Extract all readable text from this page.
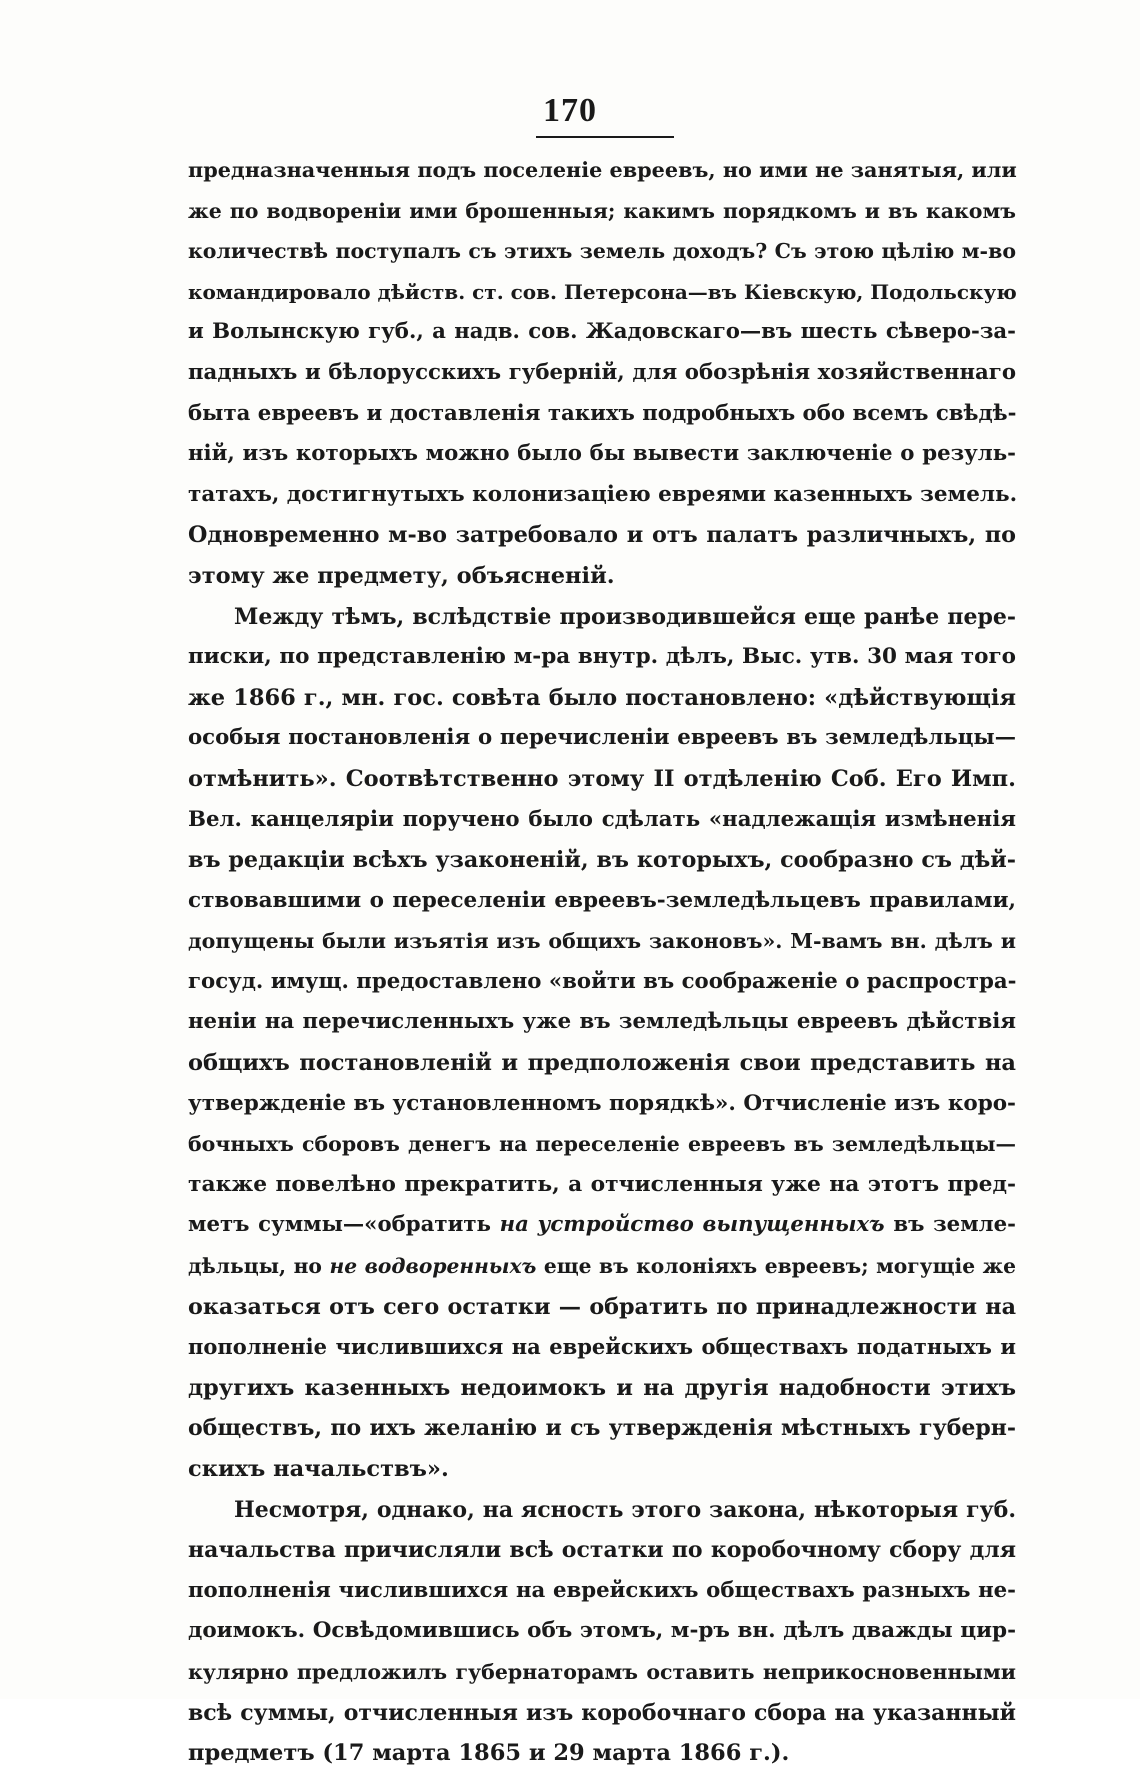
170
предназначенныя подъ поселеніе евреевъ, но ими не занятыя, или
же по водвореніи ими брошенныя; какимъ порядкомъ и въ какомъ
количествѣ поступалъ съ этихъ земель доходъ? Съ этою цѣлію м-во
командировало дѣйств. ст. сов. Петерсона—въ Кіевскую, Подольскую
и Волынскую губ., а надв. сов. Жадовскаго—въ шесть сѣверо-за-
падныхъ и бѣлорусскихъ губерній, для обозрѣнія хозяйственнаго
быта евреевъ и доставленія такихъ подробныхъ обо всемъ свѣдѣ-
ній, изъ которыхъ можно было бы вывести заключеніе о резуль-
татахъ, достигнутыхъ колонизаціею евреями казенныхъ земель.
Одновременно м-во затребовало и отъ палатъ различныхъ, по
этому же предмету, объясненій.
Между тѣмъ, вслѣдствіе производившейся еще ранѣе пере-
писки, по представленію м-ра внутр. дѣлъ, Выс. утв. 30 мая того
же 1866 г., мн. гос. совѣта было постановлено: «дѣйствующія
особыя постановленія о перечисленіи евреевъ въ земледѣльцы—
отмѣнить». Соотвѣтственно этому II отдѣленію Соб. Его Имп.
Вел. канцеляріи поручено было сдѣлать «надлежащія измѣненія
въ редакціи всѣхъ узаконеній, въ которыхъ, сообразно съ дѣй-
ствовавшими о переселеніи евреевъ-земледѣльцевъ правилами,
допущены были изъятія изъ общихъ законовъ». М-вамъ вн. дѣлъ и
госуд. имущ. предоставлено «войти въ соображеніе о распростра-
неніи на перечисленныхъ уже въ земледѣльцы евреевъ дѣйствія
общихъ постановленій и предположенія свои представить на
утвержденіе въ установленномъ порядкѣ». Отчисленіе изъ коро-
бочныхъ сборовъ денегъ на переселеніе евреевъ въ земледѣльцы—
также повелѣно прекратить, а отчисленныя уже на этотъ пред-
метъ суммы—«обратить на устройство выпущенныхъ въ земле-
дѣльцы, но не водворенныхъ еще въ колоніяхъ евреевъ; могущіе же
оказаться отъ сего остатки — обратить по принадлежности на
пополненіе числившихся на еврейскихъ обществахъ податныхъ и
другихъ казенныхъ недоимокъ и на другія надобности этихъ
обществъ, по ихъ желанію и съ утвержденія мѣстныхъ губерн-
скихъ начальствъ».
Несмотря, однако, на ясность этого закона, нѣкоторыя губ.
начальства причисляли всѣ остатки по коробочному сбору для
пополненія числившихся на еврейскихъ обществахъ разныхъ не-
доимокъ. Освѣдомившись объ этомъ, м-ръ вн. дѣлъ дважды цир-
кулярно предложилъ губернаторамъ оставить неприкосновенными
всѣ суммы, отчисленныя изъ коробочнаго сбора на указанный
предметъ (17 марта 1865 и 29 марта 1866 г.).
